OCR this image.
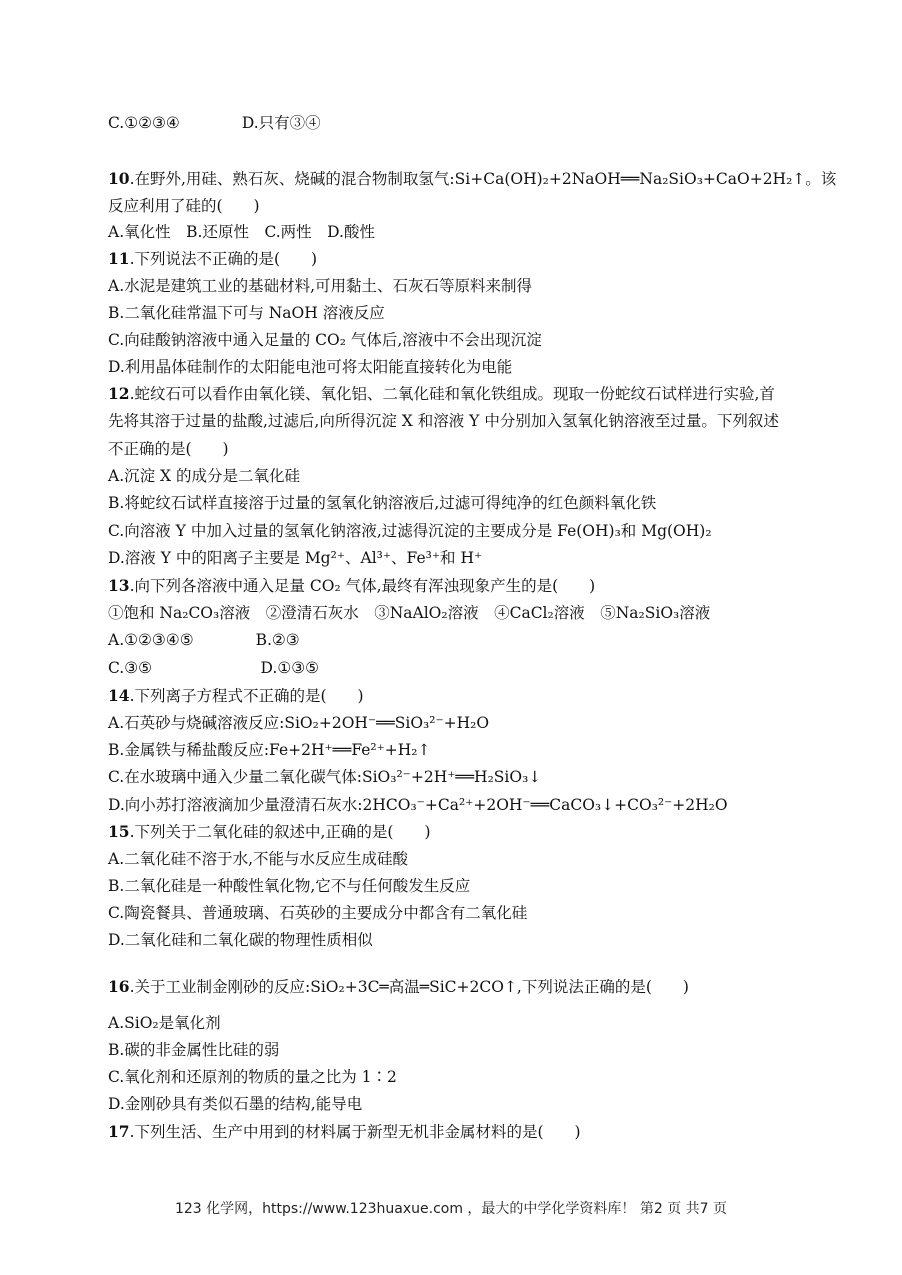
C.①②③④　　　　D.只有③④
10.在野外,用硅、熟石灰、烧碱的混合物制取氢气:Si+Ca(OH)₂+2NaOH══Na₂SiO₃+CaO+2H₂↑。该
反应利用了硅的(　　)
A.氧化性　B.还原性　C.两性　D.酸性
11.下列说法不正确的是(　　)
A.水泥是建筑工业的基础材料,可用黏土、石灰石等原料来制得
B.二氧化硅常温下可与 NaOH 溶液反应
C.向硅酸钠溶液中通入足量的 CO₂ 气体后,溶液中不会出现沉淀
D.利用晶体硅制作的太阳能电池可将太阳能直接转化为电能
12.蛇纹石可以看作由氧化镁、氧化铝、二氧化硅和氧化铁组成。现取一份蛇纹石试样进行实验,首
先将其溶于过量的盐酸,过滤后,向所得沉淀 X 和溶液 Y 中分别加入氢氧化钠溶液至过量。下列叙述
不正确的是(　　)
A.沉淀 X 的成分是二氧化硅
B.将蛇纹石试样直接溶于过量的氢氧化钠溶液后,过滤可得纯净的红色颜料氧化铁
C.向溶液 Y 中加入过量的氢氧化钠溶液,过滤得沉淀的主要成分是 Fe(OH)₃和 Mg(OH)₂
D.溶液 Y 中的阳离子主要是 Mg²⁺、Al³⁺、Fe³⁺和 H⁺
13.向下列各溶液中通入足量 CO₂ 气体,最终有浑浊现象产生的是(　　)
①饱和 Na₂CO₃溶液　②澄清石灰水　③NaAlO₂溶液　④CaCl₂溶液　⑤Na₂SiO₃溶液
A.①②③④⑤　　　　B.②③
C.③⑤　　　　　　　D.①③⑤
14.下列离子方程式不正确的是(　　)
A.石英砂与烧碱溶液反应:SiO₂+2OH⁻══SiO₃²⁻+H₂O
B.金属铁与稀盐酸反应:Fe+2H⁺══Fe²⁺+H₂↑
C.在水玻璃中通入少量二氧化碳气体:SiO₃²⁻+2H⁺══H₂SiO₃↓
D.向小苏打溶液滴加少量澄清石灰水:2HCO₃⁻+Ca²⁺+2OH⁻══CaCO₃↓+CO₃²⁻+2H₂O
15.下列关于二氧化硅的叙述中,正确的是(　　)
A.二氧化硅不溶于水,不能与水反应生成硅酸
B.二氧化硅是一种酸性氧化物,它不与任何酸发生反应
C.陶瓷餐具、普通玻璃、石英砂的主要成分中都含有二氧化硅
D.二氧化硅和二氧化碳的物理性质相似
16.关于工业制金刚砂的反应:SiO₂+3C═高温═SiC+2CO↑,下列说法正确的是(　　)
A.SiO₂是氧化剂
B.碳的非金属性比硅的弱
C.氧化剂和还原剂的物质的量之比为 1∶2
D.金刚砂具有类似石墨的结构,能导电
17.下列生活、生产中用到的材料属于新型无机非金属材料的是(　　)
123 化学网，https://www.123huaxue.com ，最大的中学化学资料库！ 第2 页 共7 页
